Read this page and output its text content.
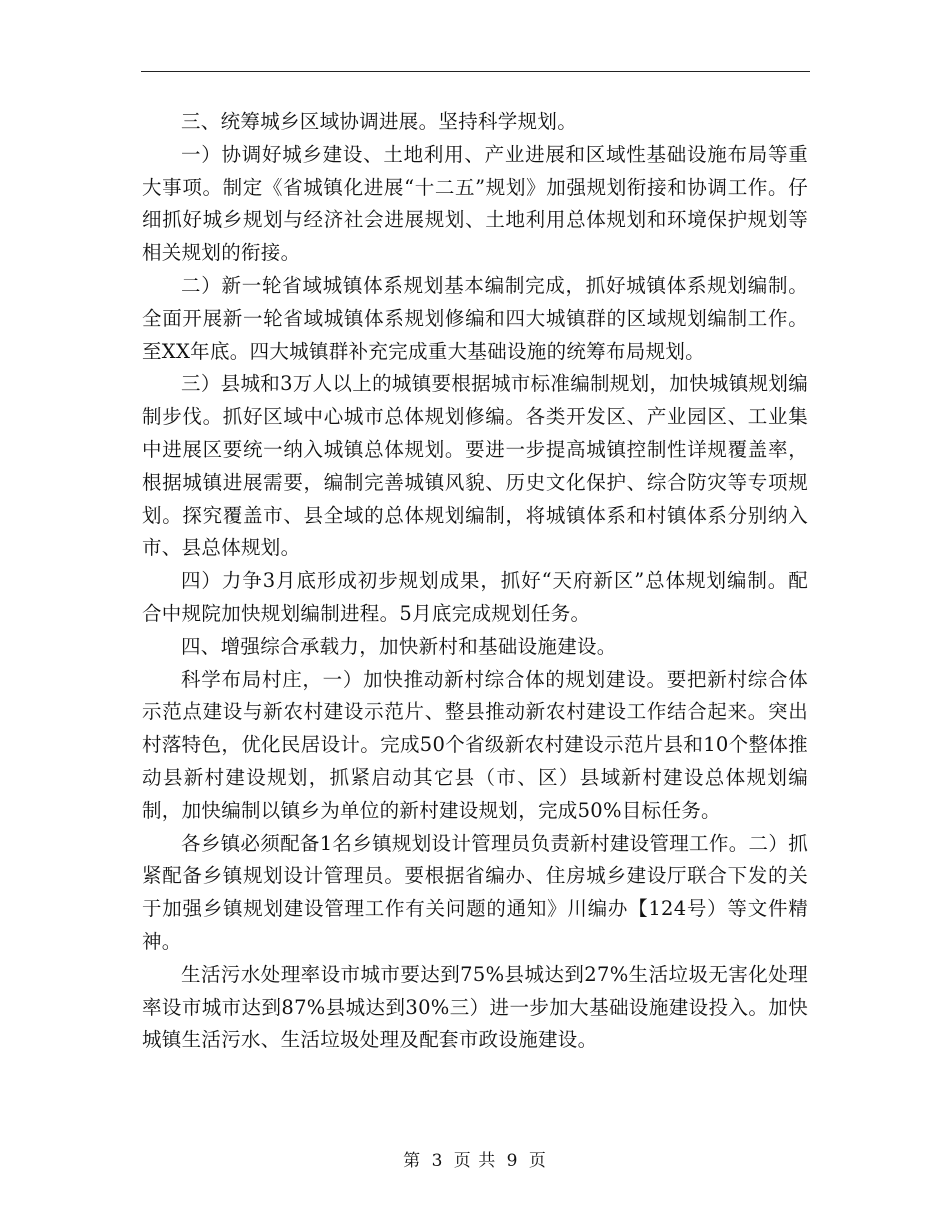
三、统筹城乡区域协调进展。坚持科学规划。

一）协调好城乡建设、土地利用、产业进展和区域性基础设施布局等重大事项。制定《省城镇化进展“十二五”规划》加强规划衔接和协调工作。仔细抓好城乡规划与经济社会进展规划、土地利用总体规划和环境保护规划等相关规划的衔接。

二）新一轮省域城镇体系规划基本编制完成，抓好城镇体系规划编制。全面开展新一轮省域城镇体系规划修编和四大城镇群的区域规划编制工作。至XX年底。四大城镇群补充完成重大基础设施的统筹布局规划。

三）县城和3万人以上的城镇要根据城市标准编制规划，加快城镇规划编制步伐。抓好区域中心城市总体规划修编。各类开发区、产业园区、工业集中进展区要统一纳入城镇总体规划。要进一步提高城镇控制性详规覆盖率，根据城镇进展需要，编制完善城镇风貌、历史文化保护、综合防灾等专项规划。探究覆盖市、县全域的总体规划编制，将城镇体系和村镇体系分别纳入市、县总体规划。

四）力争3月底形成初步规划成果，抓好“天府新区”总体规划编制。配合中规院加快规划编制进程。5月底完成规划任务。

四、增强综合承载力，加快新村和基础设施建设。

科学布局村庄，一）加快推动新村综合体的规划建设。要把新村综合体示范点建设与新农村建设示范片、整县推动新农村建设工作结合起来。突出村落特色，优化民居设计。完成50个省级新农村建设示范片县和10个整体推动县新村建设规划，抓紧启动其它县（市、区）县域新村建设总体规划编制，加快编制以镇乡为单位的新村建设规划，完成50%目标任务。

各乡镇必须配备1名乡镇规划设计管理员负责新村建设管理工作。二）抓紧配备乡镇规划设计管理员。要根据省编办、住房城乡建设厅联合下发的关于加强乡镇规划建设管理工作有关问题的通知》川编办【124号）等文件精神。

生活污水处理率设市城市要达到75%县城达到27%生活垃圾无害化处理率设市城市达到87%县城达到30%三）进一步加大基础设施建设投入。加快城镇生活污水、生活垃圾处理及配套市政设施建设。

第 3 页 共 9 页
